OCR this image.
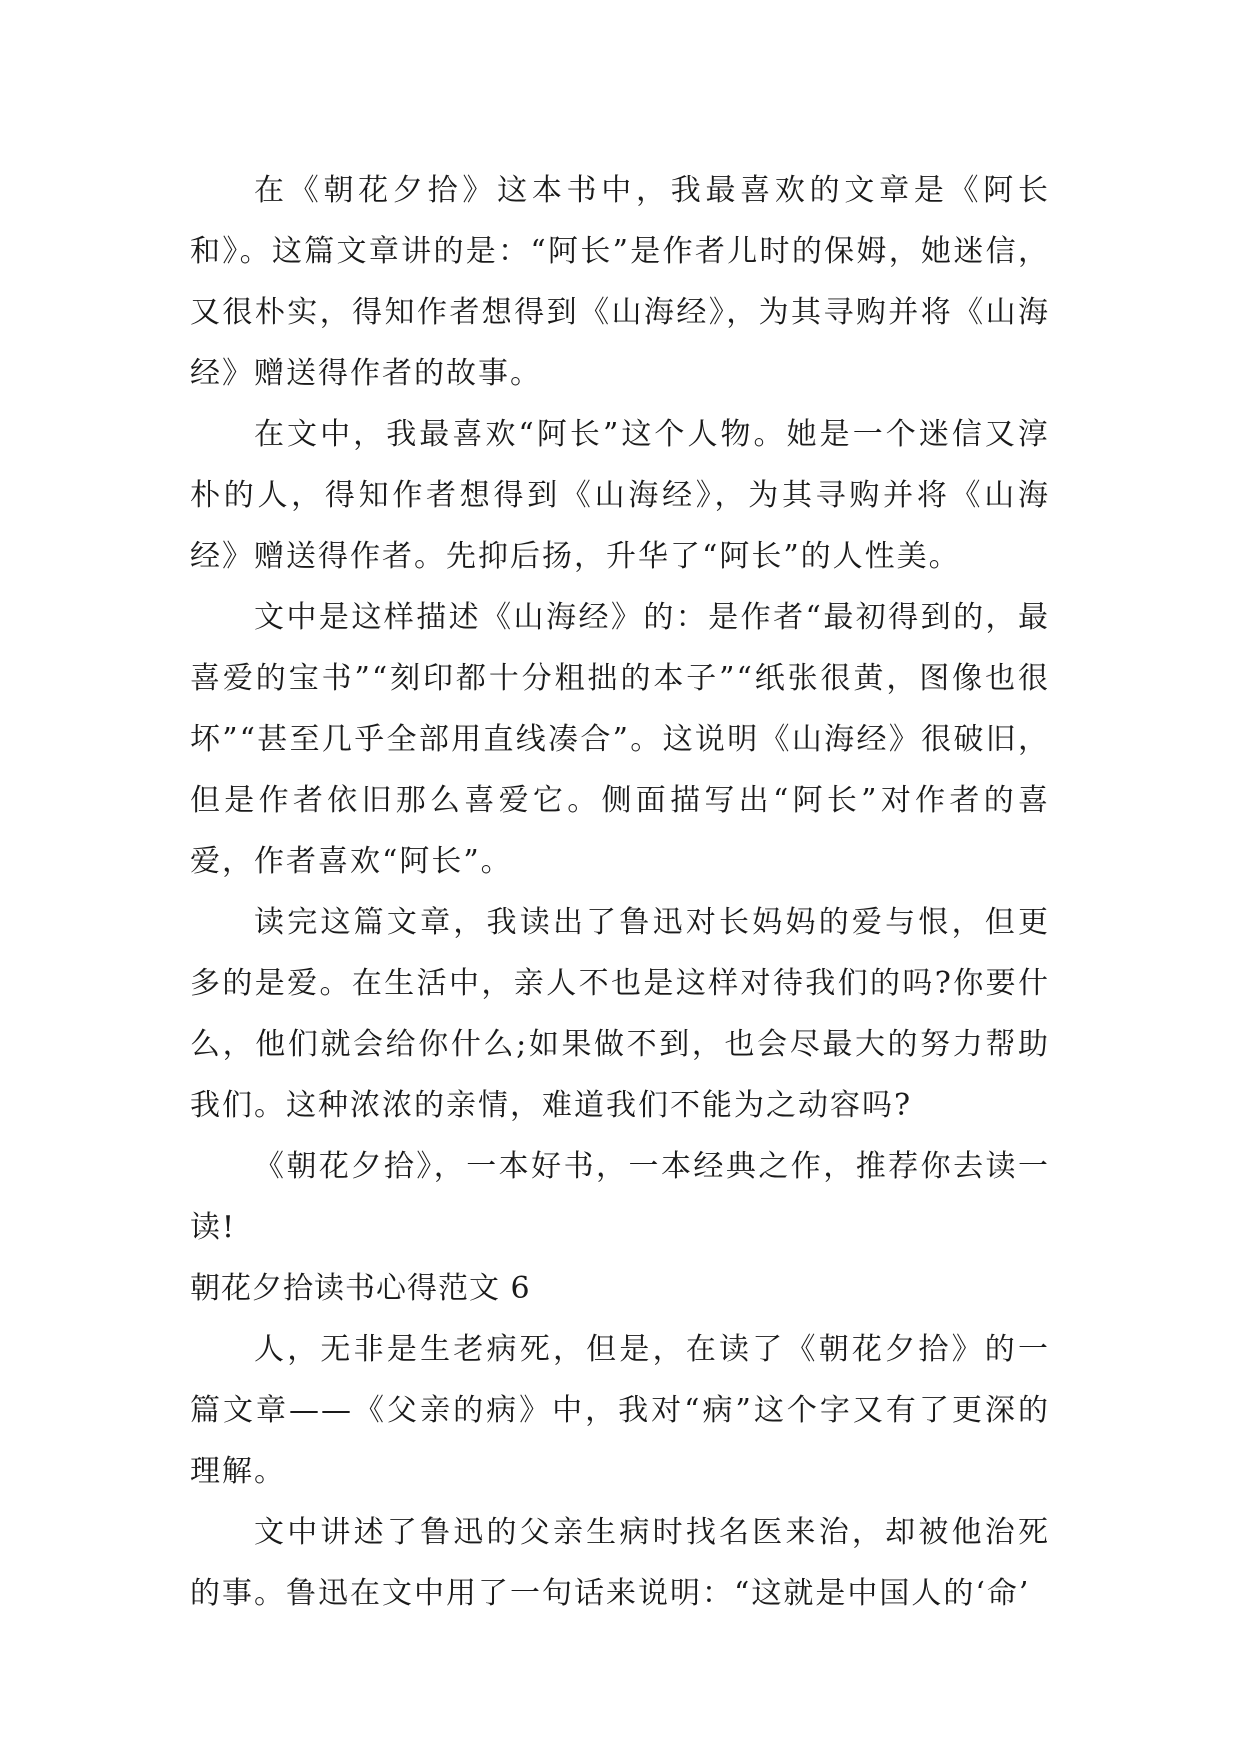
在《朝花夕拾》这本书中，我最喜欢的文章是《阿长和》。这篇文章讲的是：“阿长”是作者儿时的保姆，她迷信，又很朴实，得知作者想得到《山海经》，为其寻购并将《山海经》赠送得作者的故事。

在文中，我最喜欢“阿长”这个人物。她是一个迷信又淳朴的人，得知作者想得到《山海经》，为其寻购并将《山海经》赠送得作者。先抑后扬，升华了“阿长”的人性美。

文中是这样描述《山海经》的：是作者“最初得到的，最喜爱的宝书”“刻印都十分粗拙的本子”“纸张很黄，图像也很坏”“甚至几乎全部用直线凑合”。这说明《山海经》很破旧，但是作者依旧那么喜爱它。侧面描写出“阿长”对作者的喜爱，作者喜欢“阿长”。

读完这篇文章，我读出了鲁迅对长妈妈的爱与恨，但更多的是爱。在生活中，亲人不也是这样对待我们的吗?你要什么，他们就会给你什么;如果做不到，也会尽最大的努力帮助我们。这种浓浓的亲情，难道我们不能为之动容吗?

《朝花夕拾》，一本好书，一本经典之作，推荐你去读一读!

朝花夕拾读书心得范文 6

人，无非是生老病死，但是，在读了《朝花夕拾》的一篇文章——《父亲的病》中，我对“病”这个字又有了更深的理解。

文中讲述了鲁迅的父亲生病时找名医来治，却被他治死的事。鲁迅在文中用了一句话来说明：“这就是中国人的‘命’
